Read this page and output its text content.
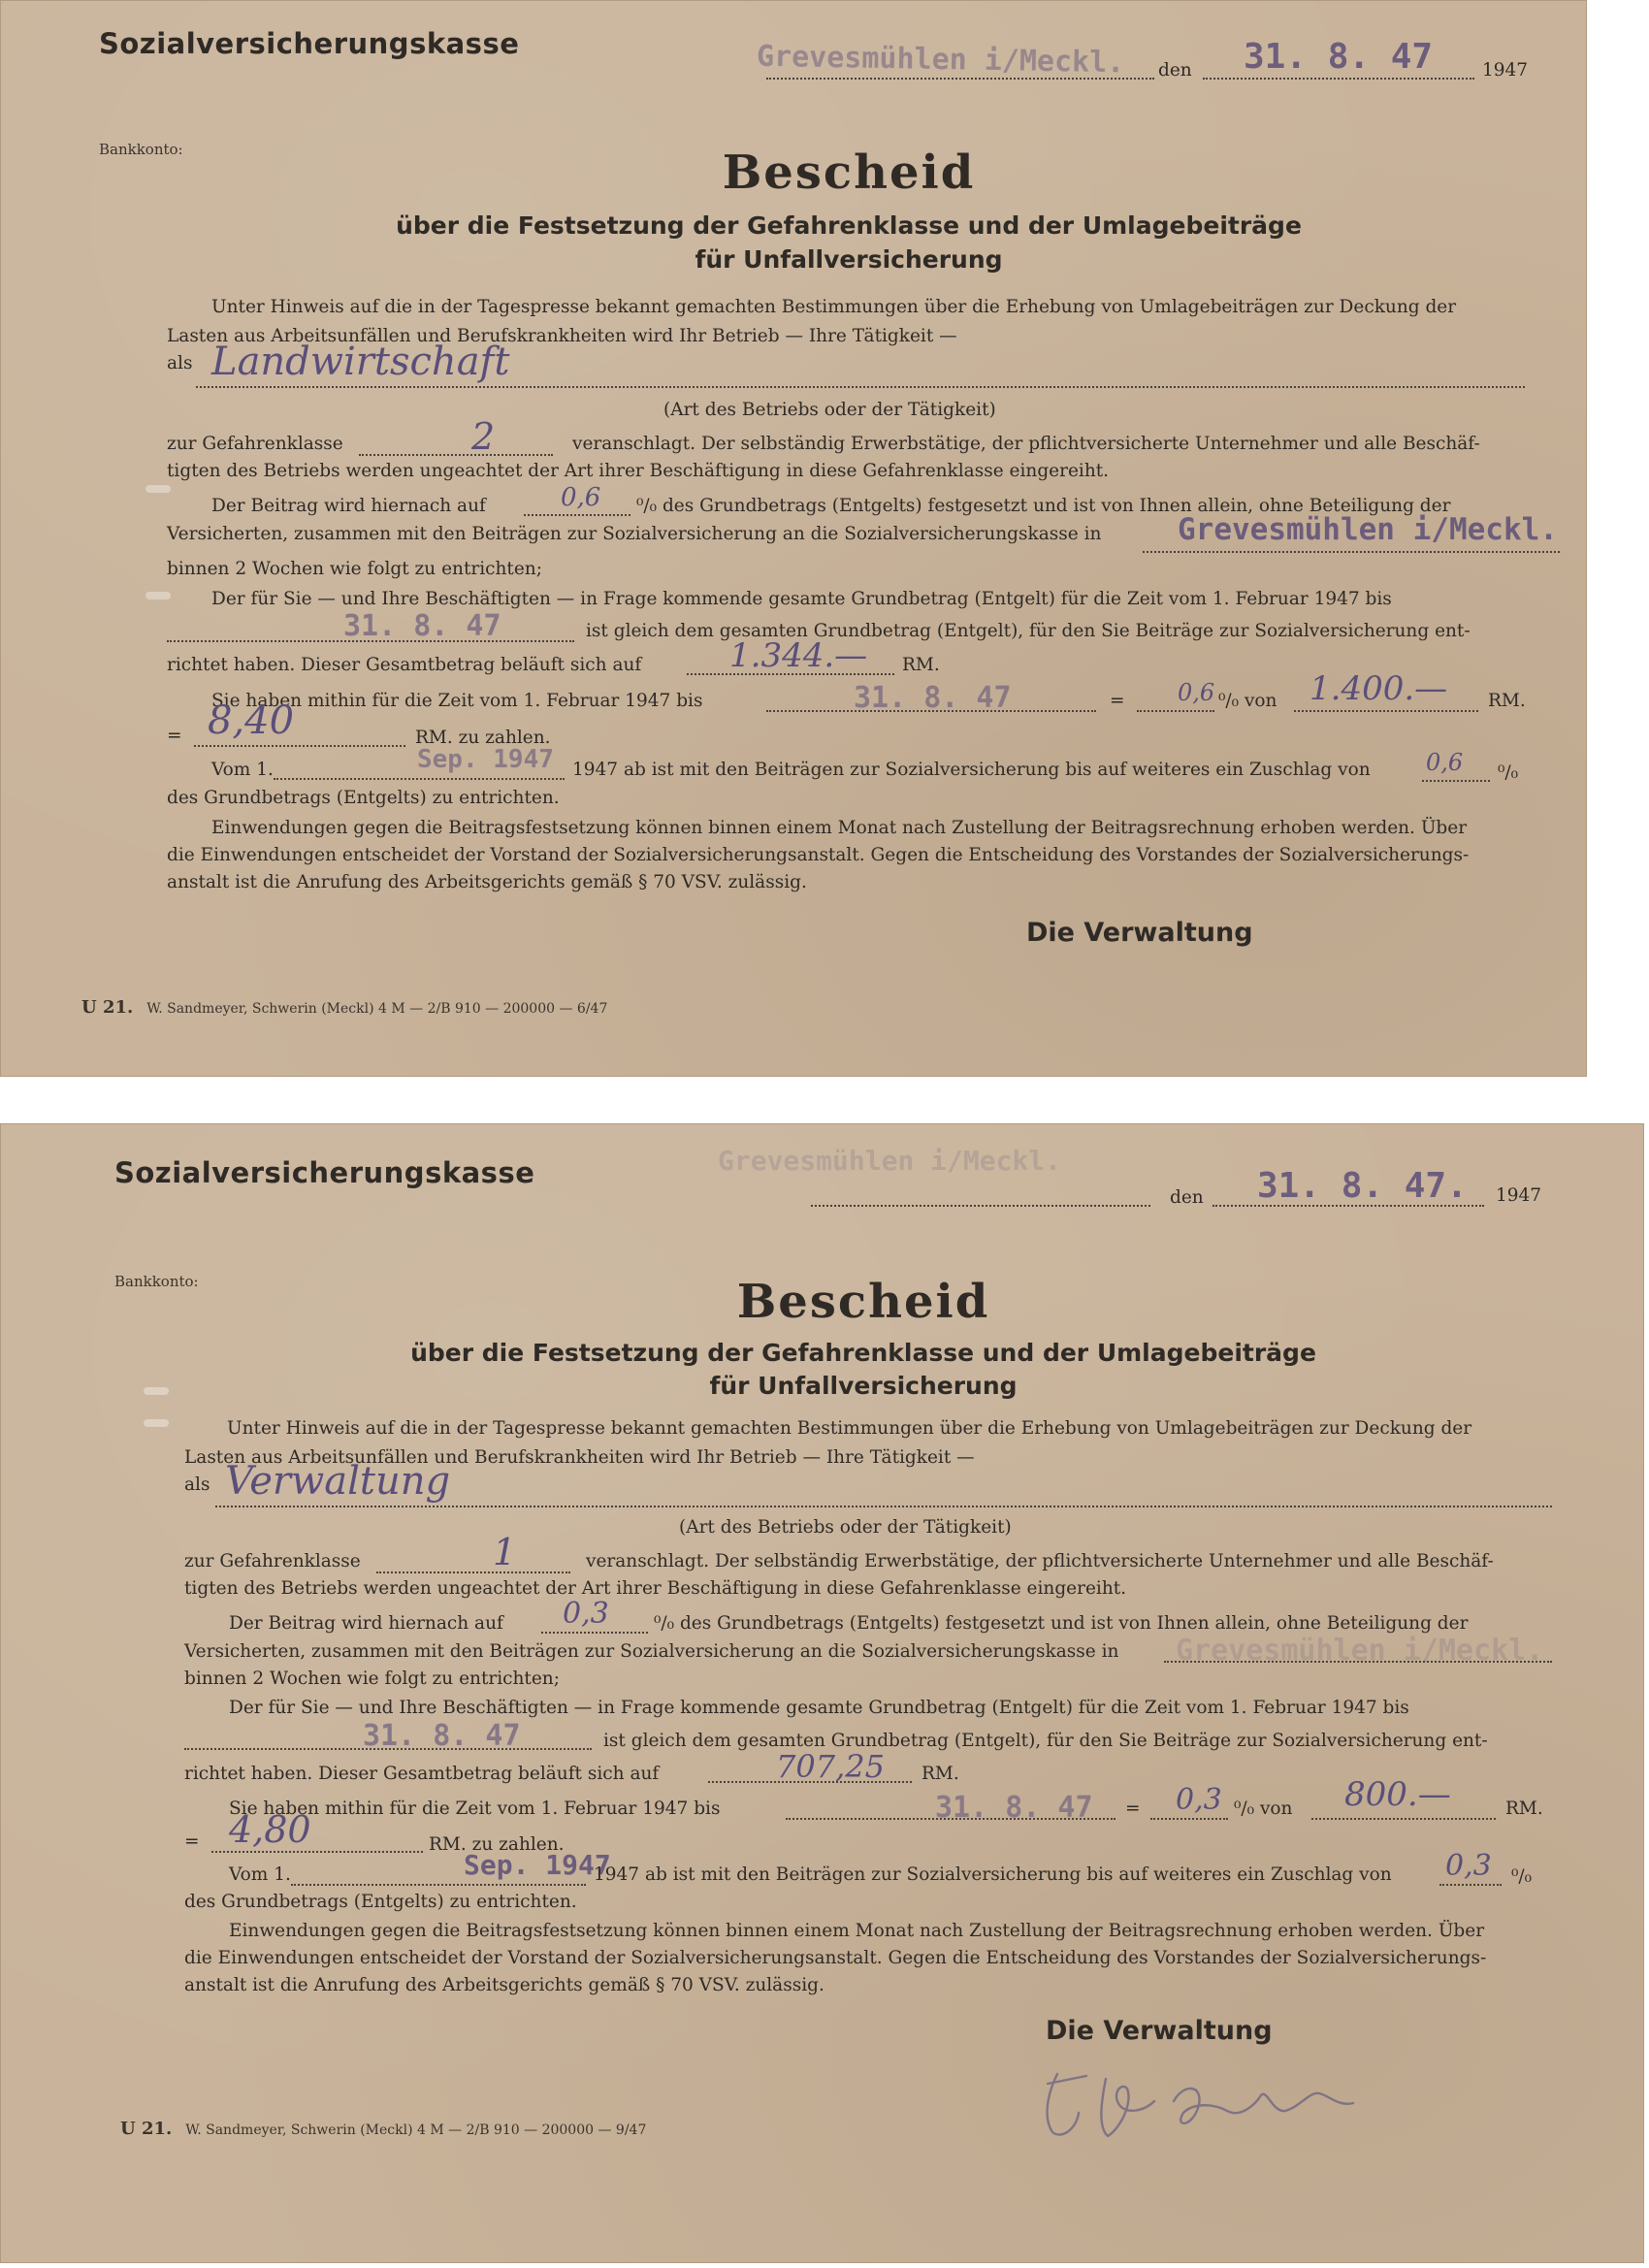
Sozialversicherungskasse	Grevesmühlen i/Meckl. den 31. 8. 47	1947
Bankkonto:	Bescheid
über die Festsetzung der Gefahrenklasse und der Umlagebeiträge
für Unfallversicherung
Unter Hinweis auf die in der Tagespresse bekannt gemachten Bestimmungen über die Erhebung von Umlagebeiträgen zur Deckung der
Lasten aus Arbeitsunfällen und Berufskrankheiten wird Ihr Betrieb — Ihre Tätigkeit —
als Landwirtschaft
(Art des Betriebs oder der Tätigkeit)
zur Gefahrenklasse	2	veranschlagt. Der selbständig Erwerbstätige, der pflichtversicherte Unternehmer und alle Beschäf-
tigten des Betriebs werden ungeachtet der Art ihrer Beschäftigung in diese Gefahrenklasse eingereiht.
Der Beitrag wird hiernach auf	0,6 ⁰/₀ des Grundbetrags (Entgelts) festgesetzt und ist von Ihnen allein, ohne Beteiligung der
Versicherten, zusammen mit den Beiträgen zur Sozialversicherung an die Sozialversicherungskasse in	Grevesmühlen i/Meckl.
binnen 2 Wochen wie folgt zu entrichten;
Der für Sie — und Ihre Beschäftigten — in Frage kommende gesamte Grundbetrag (Entgelt) für die Zeit vom 1. Februar 1947 bis
31. 8. 47	ist gleich dem gesamten Grundbetrag (Entgelt), für den Sie Beiträge zur Sozialversicherung ent-
richtet haben. Dieser Gesamtbetrag beläuft sich auf	1.344.— RM.
Sie haben mithin für die Zeit vom 1. Februar 1947 bis	31. 8. 47	= 0,6 ⁰/₀ von 1.400.— RM.
= 8,40	RM. zu zahlen.
Vom 1.	Sep. 1947 1947 ab ist mit den Beiträgen zur Sozialversicherung bis auf weiteres ein Zuschlag von 0,6 ⁰/₀
des Grundbetrags (Entgelts) zu entrichten.
Einwendungen gegen die Beitragsfestsetzung können binnen einem Monat nach Zustellung der Beitragsrechnung erhoben werden. Über
die Einwendungen entscheidet der Vorstand der Sozialversicherungsanstalt. Gegen die Entscheidung des Vorstandes der Sozialversicherungs-
anstalt ist die Anrufung des Arbeitsgerichts gemäß § 70 VSV. zulässig.
Die Verwaltung
U 21. W. Sandmeyer, Schwerin (Meckl) 4 M — 2/B 910 — 200000 — 6/47
Sozialversicherungskasse	Grevesmühlen i/Meckl.
den 31. 8. 47. 1947
Bankkonto:	Bescheid
über die Festsetzung der Gefahrenklasse und der Umlagebeiträge
für Unfallversicherung
Unter Hinweis auf die in der Tagespresse bekannt gemachten Bestimmungen über die Erhebung von Umlagebeiträgen zur Deckung der
Lasten aus Arbeitsunfällen und Berufskrankheiten wird Ihr Betrieb — Ihre Tätigkeit —
als Verwaltung
(Art des Betriebs oder der Tätigkeit)
zur Gefahrenklasse	1	veranschlagt. Der selbständig Erwerbstätige, der pflichtversicherte Unternehmer und alle Beschäf-
tigten des Betriebs werden ungeachtet der Art ihrer Beschäftigung in diese Gefahrenklasse eingereiht.
Der Beitrag wird hiernach auf 0,3	⁰/₀ des Grundbetrags (Entgelts) festgesetzt und ist von Ihnen allein, ohne Beteiligung der
Versicherten, zusammen mit den Beiträgen zur Sozialversicherung an die Sozialversicherungskasse in Grevesmühlen i/Meckl.
binnen 2 Wochen wie folgt zu entrichten;
Der für Sie — und Ihre Beschäftigten — in Frage kommende gesamte Grundbetrag (Entgelt) für die Zeit vom 1. Februar 1947 bis
31. 8. 47	ist gleich dem gesamten Grundbetrag (Entgelt), für den Sie Beiträge zur Sozialversicherung ent-
richtet haben. Dieser Gesamtbetrag beläuft sich auf	707,25 RM.
Sie haben mithin für die Zeit vom 1. Februar 1947 bis	31. 8. 47 = 0,3 ⁰/₀ von 800.—	RM.
= 4,80	RM. zu zahlen.
Vom 1.	Sep. 1947
1947 ab ist mit den Beiträgen zur Sozialversicherung bis auf weiteres ein Zuschlag von 0,3 ⁰/₀
des Grundbetrags (Entgelts) zu entrichten.
Einwendungen gegen die Beitragsfestsetzung können binnen einem Monat nach Zustellung der Beitragsrechnung erhoben werden. Über
die Einwendungen entscheidet der Vorstand der Sozialversicherungsanstalt. Gegen die Entscheidung des Vorstandes der Sozialversicherungs-
anstalt ist die Anrufung des Arbeitsgerichts gemäß § 70 VSV. zulässig.
Die Verwaltung
U 21. W. Sandmeyer, Schwerin (Meckl) 4 M — 2/B 910 — 200000 — 9/47
